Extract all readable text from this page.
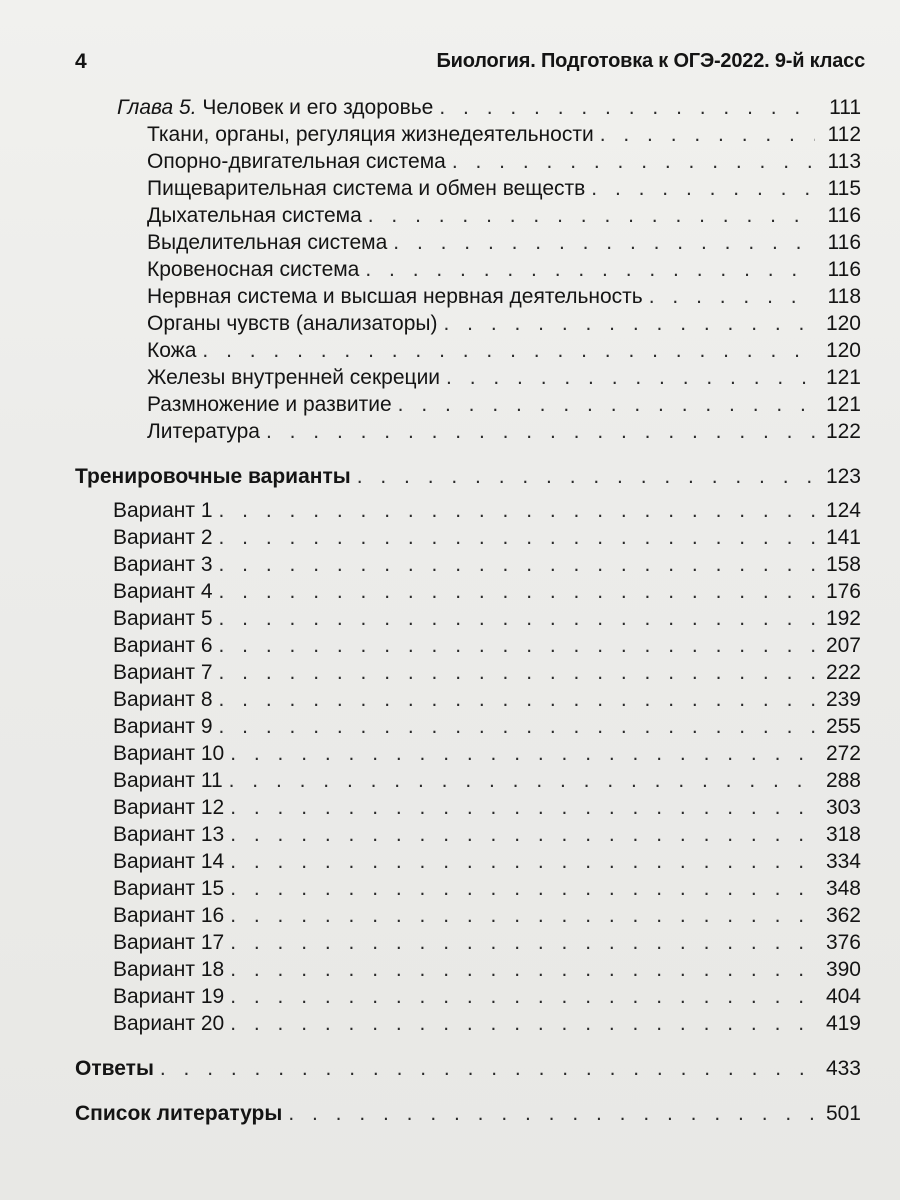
4	Биология. Подготовка к ОГЭ-2022. 9-й класс
Глава 5. Человек и его здоровье . . .	111
Ткани, органы, регуляция жизнедеятельности . . .	112
Опорно-двигательная система . . .	113
Пищеварительная система и обмен веществ . . .	115
Дыхательная система . . .	116
Выделительная система . . .	116
Кровеносная система . . .	116
Нервная система и высшая нервная деятельность . . .	118
Органы чувств (анализаторы) . . .	120
Кожа . . .	120
Железы внутренней секреции . . .	121
Размножение и развитие . . .	121
Литература . . .	122
Тренировочные варианты . . .	123
Вариант 1 . . .	124
Вариант 2 . . .	141
Вариант 3 . . .	158
Вариант 4 . . .	176
Вариант 5 . . .	192
Вариант 6 . . .	207
Вариант 7 . . .	222
Вариант 8 . . .	239
Вариант 9 . . .	255
Вариант 10 . . .	272
Вариант 11 . . .	288
Вариант 12 . . .	303
Вариант 13 . . .	318
Вариант 14 . . .	334
Вариант 15 . . .	348
Вариант 16 . . .	362
Вариант 17 . . .	376
Вариант 18 . . .	390
Вариант 19 . . .	404
Вариант 20 . . .	419
Ответы . . .	433
Список литературы . . .	501
